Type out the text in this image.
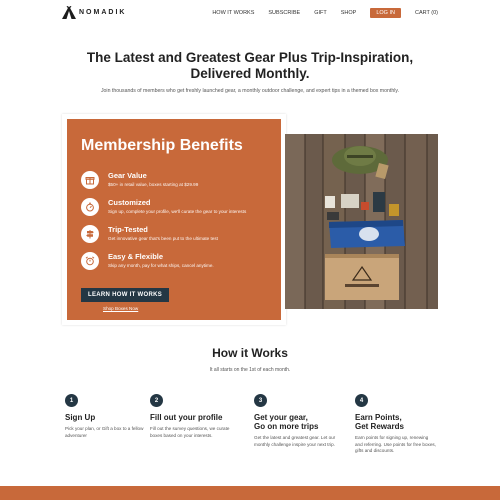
NOMADIK	HOW IT WORKS	SUBSCRIBE	GIFT	SHOP	LOG IN	CART (0)
The Latest and Greatest Gear Plus Trip-Inspiration,
Delivered Monthly.
Join thousands of members who get freshly launched gear, a monthly outdoor challenge, and expert tips in a themed box monthly.
Membership Benefits
Gear Value
$50+ in retail value, boxes starting at $29.99
Customized
Sign up, complete your profile, we'll curate the gear to your interests
Trip-Tested
Get innovative gear that's been put to the ultimate test
Easy & Flexible
Skip any month, pay for what ships, cancel anytime.
LEARN HOW IT WORKS
Shop Boxes Now
How it Works
It all starts on the 1st of each month.
1
Sign Up
Pick your plan, or Gift a box to a fellow adventurer
2
Fill out your profile
Fill out the survey questions, we curate boxes based on your interests.
3
Get your gear,
Go on more trips
Get the latest and greatest gear. Let our monthly challenge inspire your next trip.
4
Earn Points,
Get Rewards
Earn points for signing up, renewing and referring. Use points for free boxes, gifts and discounts.
